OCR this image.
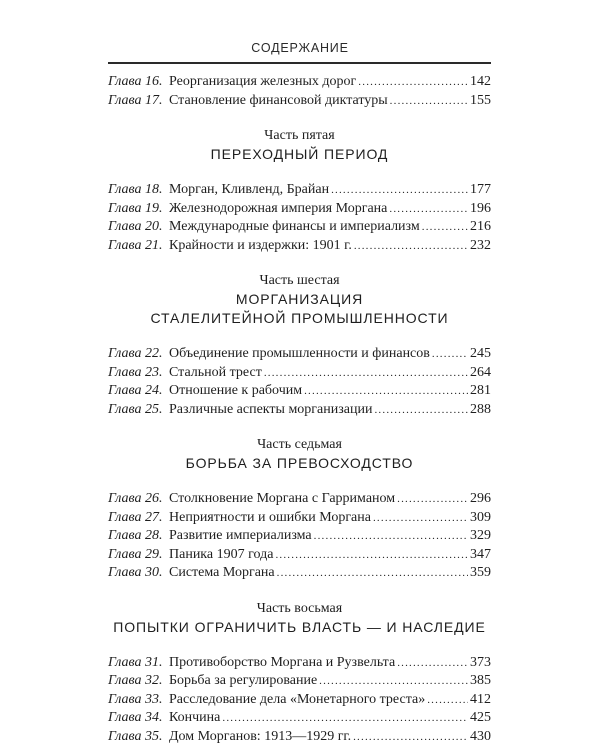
СОДЕРЖАНИЕ
Глава 16. Реорганизация железных дорог .....	142
Глава 17. Становление финансовой диктатуры .....	155
Часть пятая
ПЕРЕХОДНЫЙ ПЕРИОД
Глава 18. Морган, Кливленд, Брайан .....	177
Глава 19. Железнодорожная империя Моргана .....	196
Глава 20. Международные финансы и империализм .....	216
Глава 21. Крайности и издержки: 1901 г. .....	232
Часть шестая
МОРГАНИЗАЦИЯ
СТАЛЕЛИТЕЙНОЙ ПРОМЫШЛЕННОСТИ
Глава 22. Объединение промышленности и финансов .....	245
Глава 23. Стальной трест .....	264
Глава 24. Отношение к рабочим .....	281
Глава 25. Различные аспекты морганизации .....	288
Часть седьмая
БОРЬБА ЗА ПРЕВОСХОДСТВО
Глава 26. Столкновение Моргана с Гарриманом .....	296
Глава 27. Неприятности и ошибки Моргана .....	309
Глава 28. Развитие империализма .....	329
Глава 29. Паника 1907 года .....	347
Глава 30. Система Моргана .....	359
Часть восьмая
ПОПЫТКИ ОГРАНИЧИТЬ ВЛАСТЬ — И НАСЛЕДИЕ
Глава 31. Противоборство Моргана и Рузвельта .....	373
Глава 32. Борьба за регулирование .....	385
Глава 33. Расследование дела «Монетарного треста» .....	412
Глава 34. Кончина .....	425
Глава 35. Дом Морганов: 1913—1929 гг. .....	430
